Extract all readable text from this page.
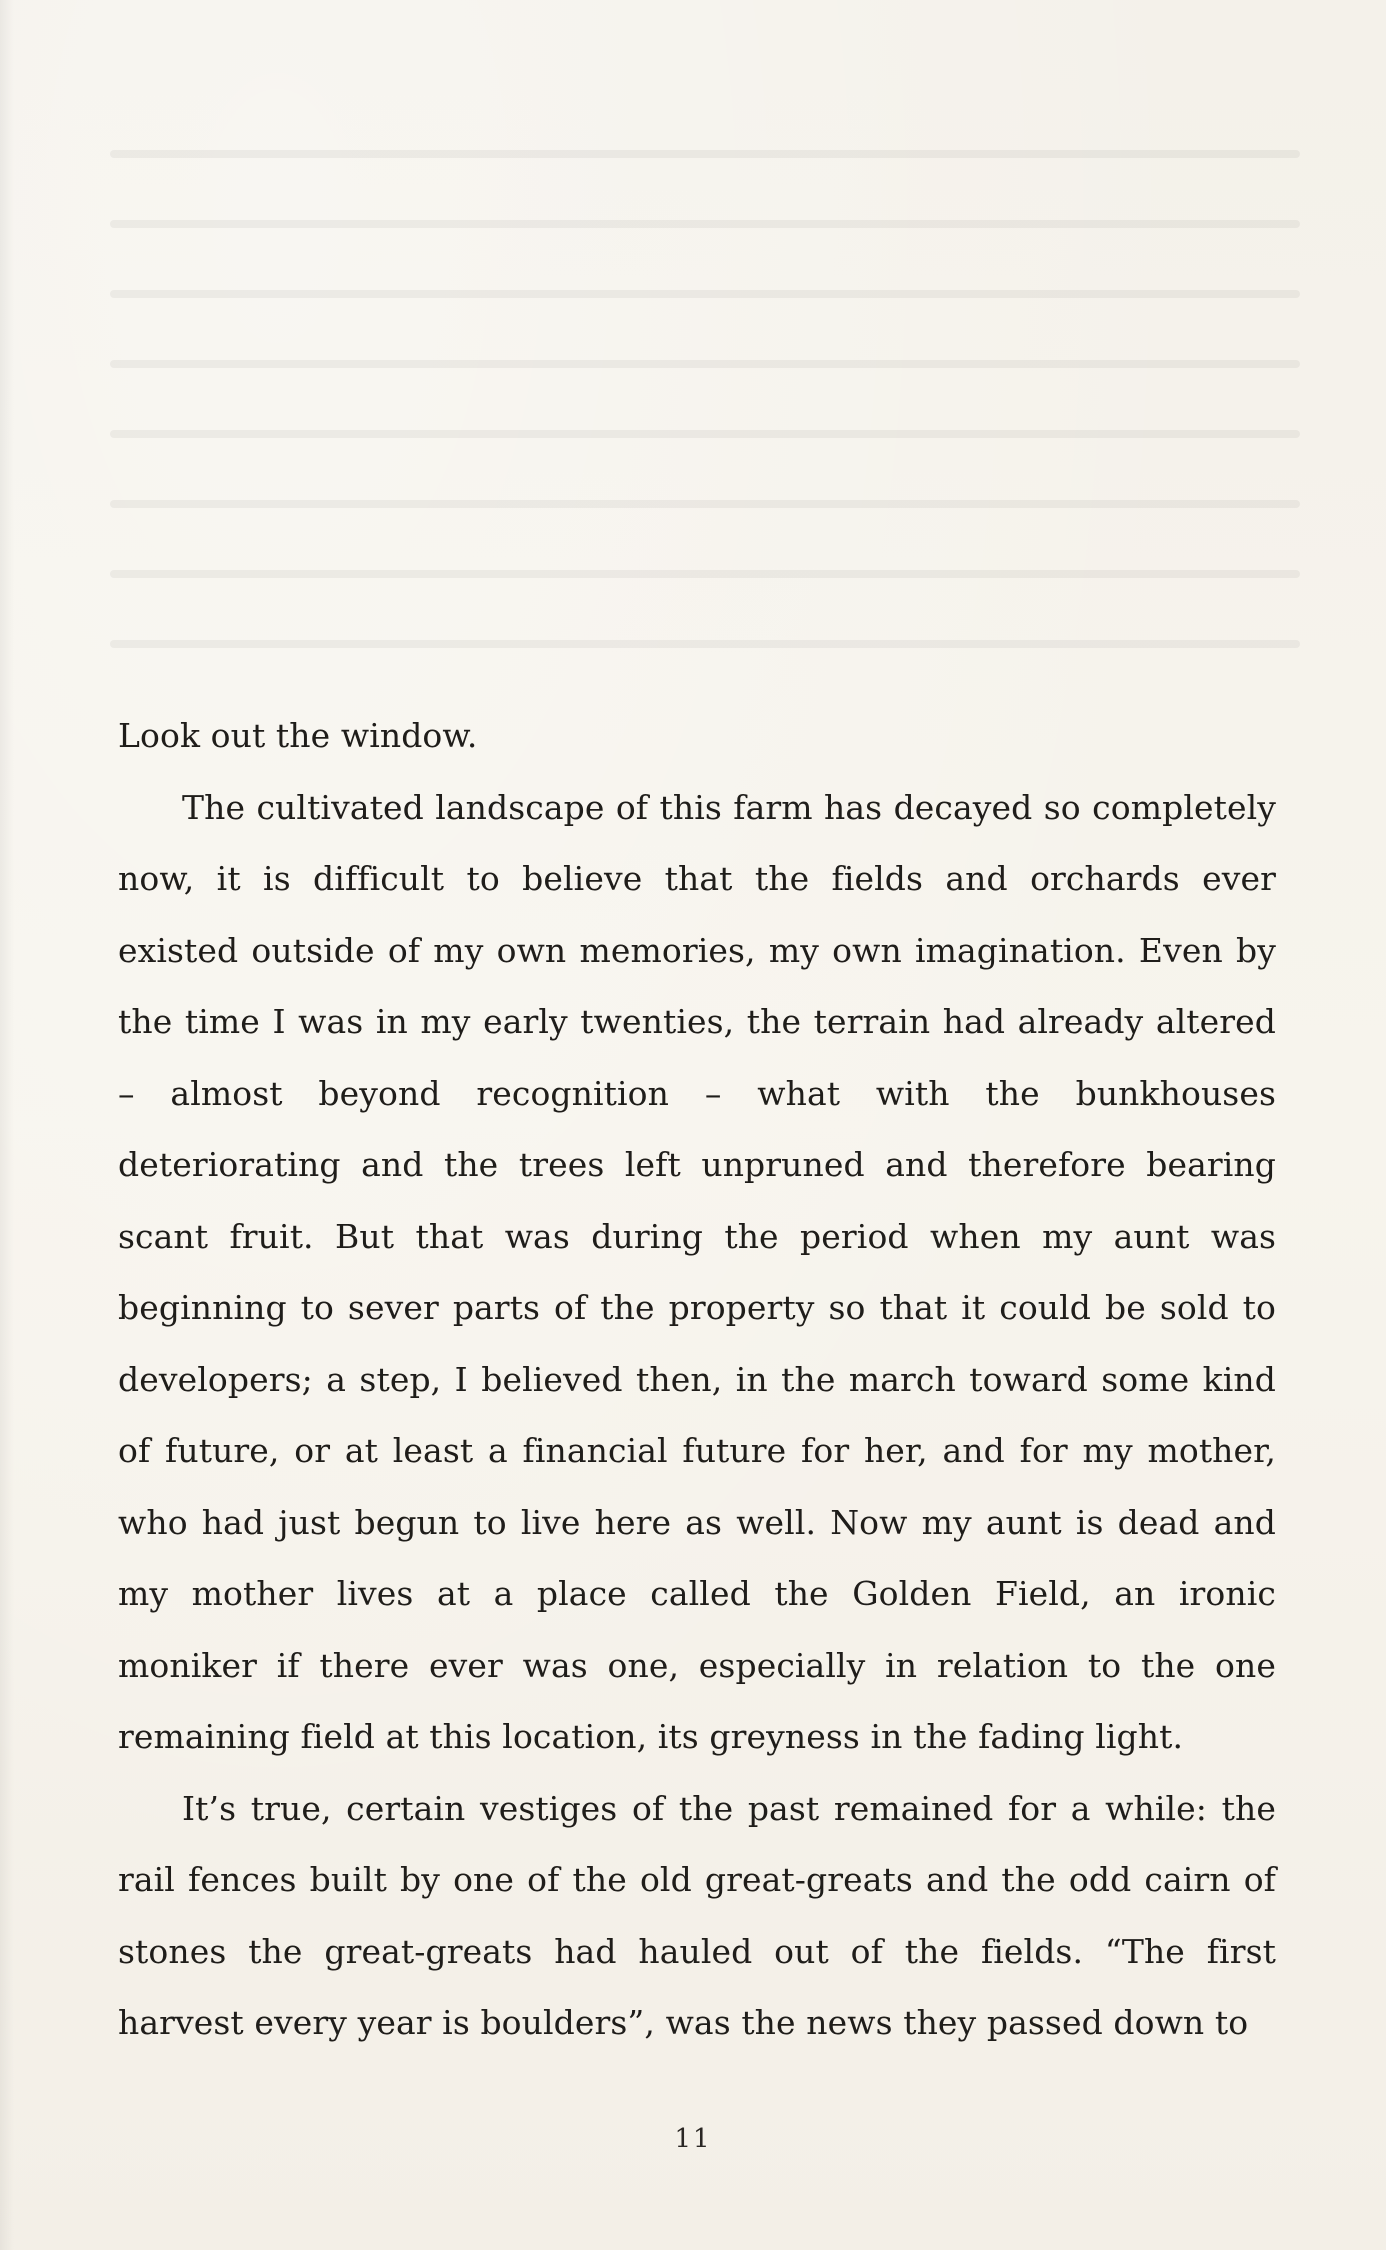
Look out the window.

The cultivated landscape of this farm has decayed so completely now, it is difficult to believe that the fields and orchards ever existed outside of my own memories, my own imagination. Even by the time I was in my early twenties, the terrain had already altered – almost beyond recognition – what with the bunkhouses deteriorating and the trees left unpruned and therefore bearing scant fruit. But that was during the period when my aunt was beginning to sever parts of the property so that it could be sold to developers; a step, I believed then, in the march toward some kind of future, or at least a financial future for her, and for my mother, who had just begun to live here as well. Now my aunt is dead and my mother lives at a place called the Golden Field, an ironic moniker if there ever was one, especially in relation to the one remaining field at this location, its greyness in the fading light.

It’s true, certain vestiges of the past remained for a while: the rail fences built by one of the old great-greats and the odd cairn of stones the great-greats had hauled out of the fields. “The first harvest every year is boulders”, was the news they passed down to

11
